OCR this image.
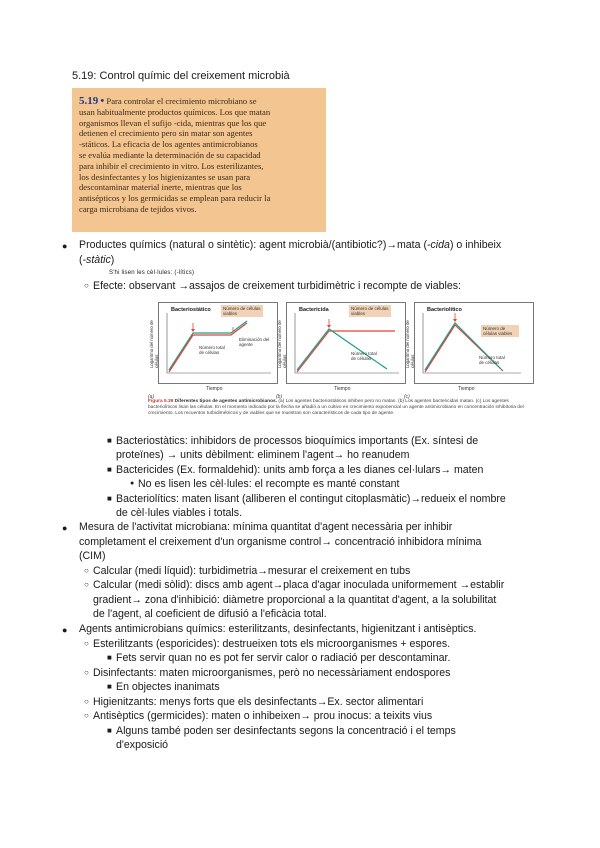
5.19: Control químic del creixement microbià
5.19 • Para controlar el crecimiento microbiano se
usan habitualmente productos químicos. Los que matan
organismos llevan el sufijo -cida, mientras que los que
detienen el crecimiento pero sin matar son agentes
-státicos. La eficacia de los agentes antimicrobianos
se evalúa mediante la determinación de su capacidad
para inhibir el crecimiento in vitro. Los esterilizantes,
los desinfectantes y los higienizantes se usan para
descontaminar material inerte, mientras que los
antisépticos y los germicidas se emplean para reducir la
carga microbiana de tejidos vivos.
● Productes químics (natural o sintètic): agent microbià/(antibiotic?)→mata (-cida) o inhibeix
(-stàtic)
S'hi lisen les cèl·lules: (-lítics)
○ Efecte: observant →assajos de creixement turbidimètric i recompte de viables:
Bacteriostático	Número de células viables
Número total de células
Eliminación del agente
Logaritmo del número de células
Tiempo
(a)
Bactericida	Número de células viables
Número total de células
Logaritmo del número de células
Tiempo
(b)
Bacteriolítico
Número de células viables
Número total de células
Logaritmo del número de células
Tiempo
(c)
Figura 5.39 Diferentes tipos de agentes antimicrobianos. (a) Los agentes bacteriostáticos inhiben pero no matan. (b) Los agentes bactericidas matan. (c) Los agentes bacteriolíticos lisan las células. En el momento indicado por la flecha se añadió a un cultivo en crecimiento exponencial un agente antimicrobiano en concentración inhibitoria del crecimiento. Los recuentos turbidimétricos y de viables que se muestran son característicos de cada tipo de agente.
■ Bacteriostàtics: inhibidors de processos bioquímics importants (Ex. síntesi de
proteïnes) → units dèbilment: eliminem l'agent→ ho reanudem
■ Bactericides (Ex. formaldehid): units amb força a les dianes cel·lulars→ maten
● No es lisen les cèl·lules: el recompte es manté constant
■ Bacteriolítics: maten lisant (alliberen el contingut citoplasmàtic)→redueix el nombre
de cèl·lules viables i totals.
● Mesura de l'activitat microbiana: mínima quantitat d'agent necessària per inhibir
completament el creixement d'un organisme control→ concentració inhibidora mínima
(CIM)
○ Calcular (medi líquid): turbidimetria→mesurar el creixement en tubs
○ Calcular (medi sòlid): discs amb agent→placa d'agar inoculada uniformement →establir
gradient→ zona d'inhibició: diàmetre proporcional a la quantitat d'agent, a la solubilitat
de l'agent, al coeficient de difusió a l'eficàcia total.
● Agents antimicrobians químics: esterilitzants, desinfectants, higienitzant i antisèptics.
○ Esterilitzants (esporicides): destrueixen tots els microorganismes + espores.
■ Fets servir quan no es pot fer servir calor o radiació per descontaminar.
○ Disinfectants: maten microorganismes, però no necessàriament endospores
■ En objectes inanimats
○ Higienitzants: menys forts que els desinfectants→Ex. sector alimentari
○ Antisèptics (germicides): maten o inhibeixen→ prou inocus: a teixits vius
■ Alguns també poden ser desinfectants segons la concentració i el temps
d'exposició
